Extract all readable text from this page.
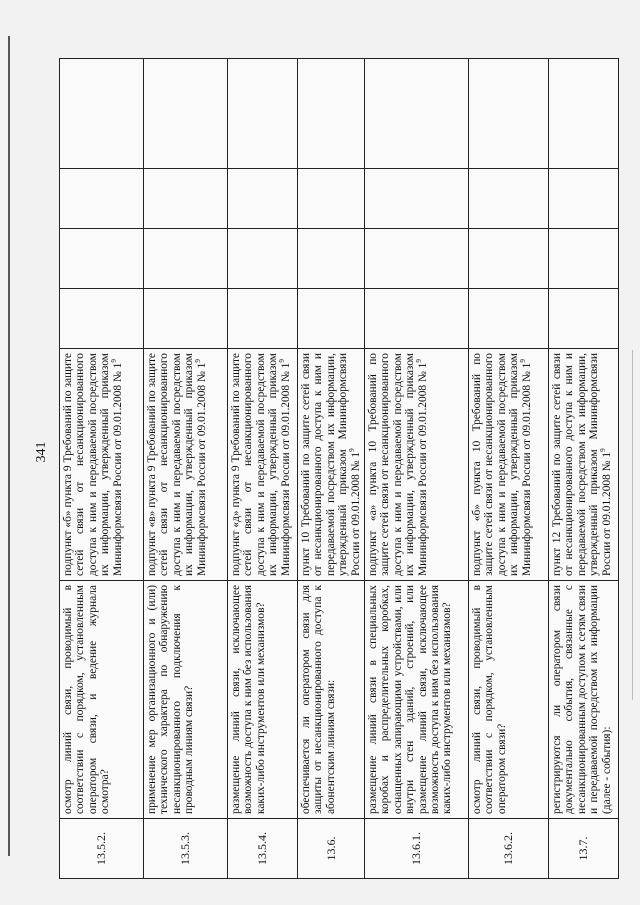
341
13.5.2.	осмотр линий связи, проводимый в соответствии с порядком, установленным оператором связи, и ведение журнала осмотра?	подпункт «б» пункта 9 Требований по защите сетей связи от несанкционированного доступа к ним и передаваемой посредством их информации, утвержденный приказом Мининформсвязи России от 09.01.2008 № $1^9$				
13.5.3.	применение мер организационного и (или) технического характера по обнаружению несанкционированного подключения к проводным линиям связи?	подпункт «в» пункта 9 Требований по защите сетей связи от несанкционированного доступа к ним и передаваемой посредством их информации, утвержденный приказом Мининформсвязи России от 09.01.2008 № $1^9$				
13.5.4.	размещение линий связи, исключающее возможность доступа к ним без использования каких-либо инструментов или механизмов?	подпункт «д» пункта 9 Требований по защите сетей связи от несанкционированного доступа к ним и передаваемой посредством их информации, утвержденный приказом Мининформсвязи России от 09.01.2008 № $1^9$				
13.6.	обеспечивается ли оператором связи для защиты от несанкционированного доступа к абонентским линиям связи:	пункт 10 Требований по защите сетей связи от несанкционированного доступа к ним и передаваемой посредством их информации, утвержденный приказом Мининформсвязи России от 09.01.2008 № $1^9$				
13.6.1.	размещение линий связи в специальных коробах и распределительных коробках, оснащенных запирающими устройствами, или внутри стен зданий, строений, или размещение линий связи, исключающее возможность доступа к ним без использования каких-либо инструментов или механизмов?	подпункт «а» пункта 10 Требований по защите сетей связи от несанкционированного доступа к ним и передаваемой посредством их информации, утвержденный приказом Мининформсвязи России от 09.01.2008 № $1^9$				
13.6.2.	осмотр линий связи, проводимый в соответствии с порядком, установленным оператором связи?	подпункт «б» пункта 10 Требований по защите сетей связи от несанкционированного доступа к ним и передаваемой посредством их информации, утвержденный приказом Мининформсвязи России от 09.01.2008 № $1^9$				
13.7.	регистрируются ли оператором связи документально события, связанные с несанкционированным доступом к сетям связи и передаваемой посредством их информации (далее - события):	пункт 12 Требований по защите сетей связи от несанкционированного доступа к ним и передаваемой посредством их информации, утвержденный приказом Мининформсвязи России от 09.01.2008 № $1^9$				
